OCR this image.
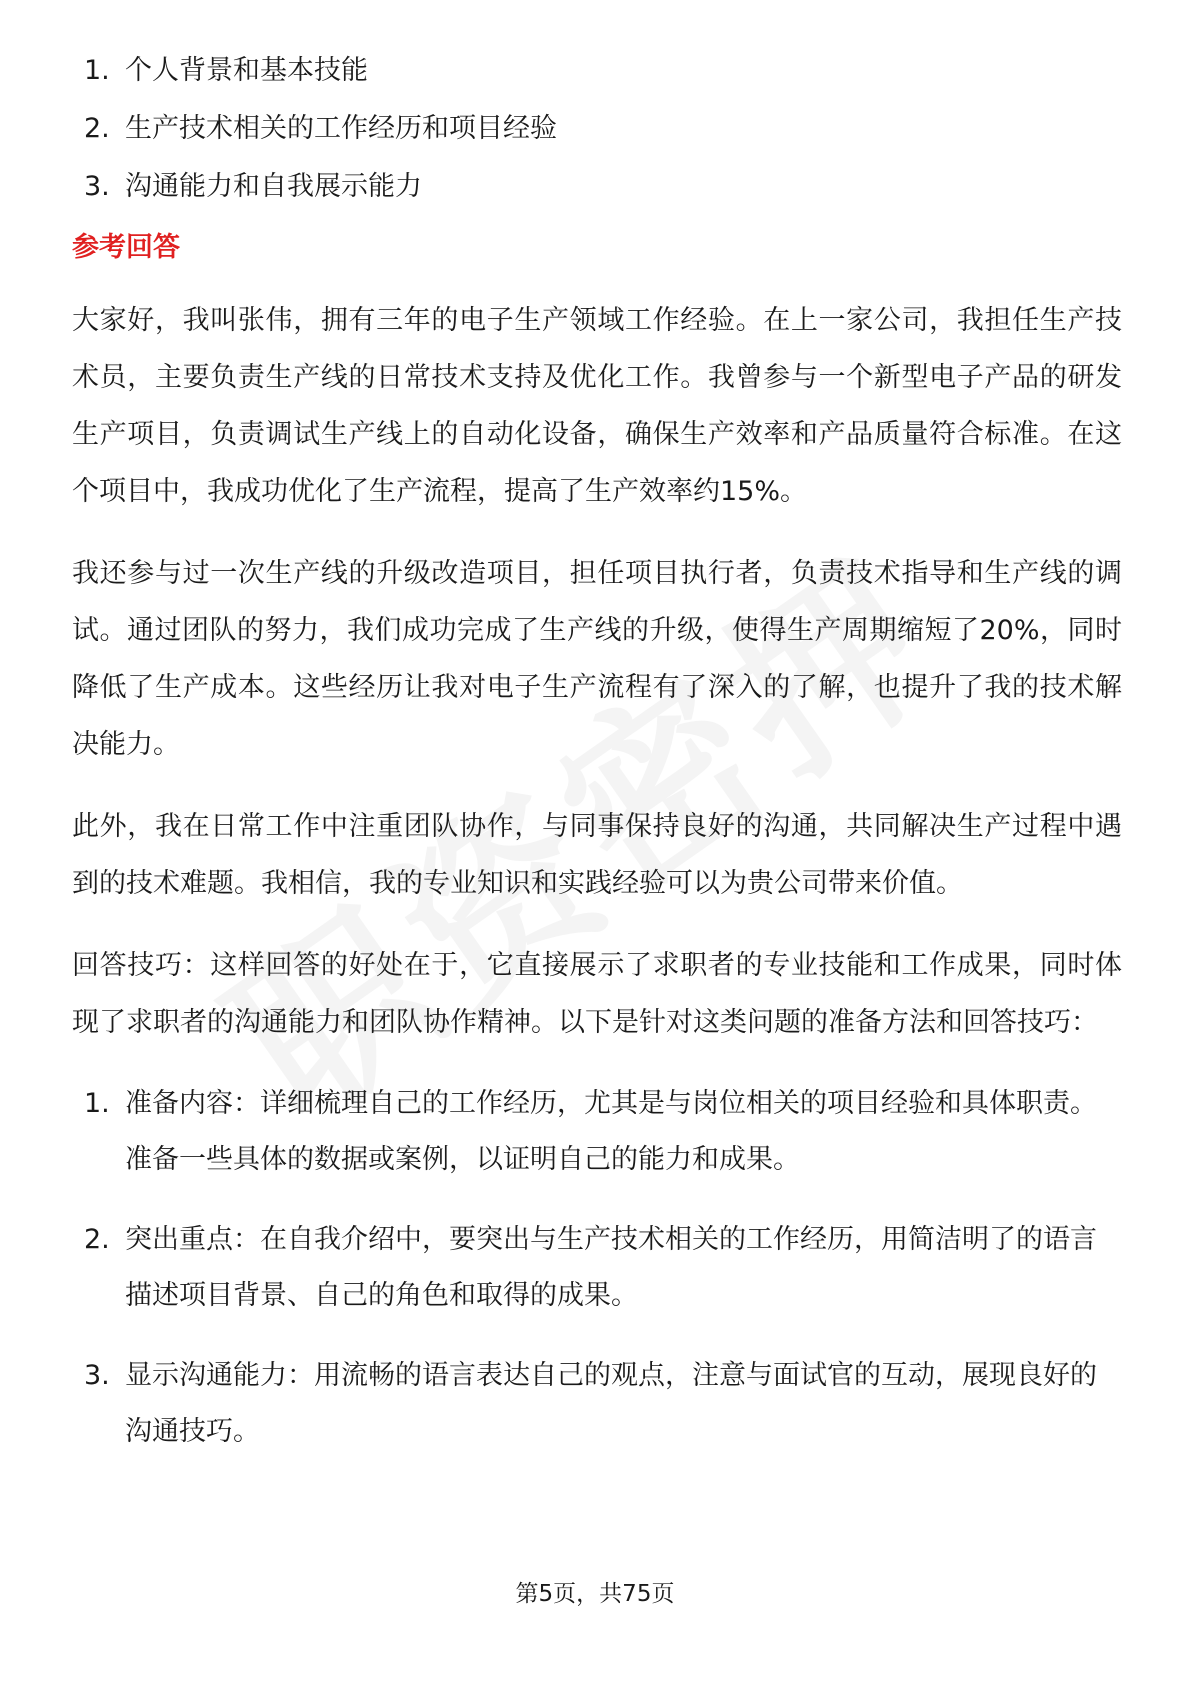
1. 个人背景和基本技能
2. 生产技术相关的工作经历和项目经验
3. 沟通能力和自我展示能力
参考回答

大家好，我叫张伟，拥有三年的电子生产领域工作经验。在上一家公司，我担任生产技术员，主要负责生产线的日常技术支持及优化工作。我曾参与一个新型电子产品的研发生产项目，负责调试生产线上的自动化设备，确保生产效率和产品质量符合标准。在这个项目中，我成功优化了生产流程，提高了生产效率约15%。

我还参与过一次生产线的升级改造项目，担任项目执行者，负责技术指导和生产线的调试。通过团队的努力，我们成功完成了生产线的升级，使得生产周期缩短了20%，同时降低了生产成本。这些经历让我对电子生产流程有了深入的了解，也提升了我的技术解决能力。

此外，我在日常工作中注重团队协作，与同事保持良好的沟通，共同解决生产过程中遇到的技术难题。我相信，我的专业知识和实践经验可以为贵公司带来价值。

回答技巧：这样回答的好处在于，它直接展示了求职者的专业技能和工作成果，同时体现了求职者的沟通能力和团队协作精神。以下是针对这类问题的准备方法和回答技巧：

1. 准备内容：详细梳理自己的工作经历，尤其是与岗位相关的项目经验和具体职责。准备一些具体的数据或案例，以证明自己的能力和成果。
2. 突出重点：在自我介绍中，要突出与生产技术相关的工作经历，用简洁明了的语言描述项目背景、自己的角色和取得的成果。
3. 显示沟通能力：用流畅的语言表达自己的观点，注意与面试官的互动，展现良好的沟通技巧。
第5页，共75页
